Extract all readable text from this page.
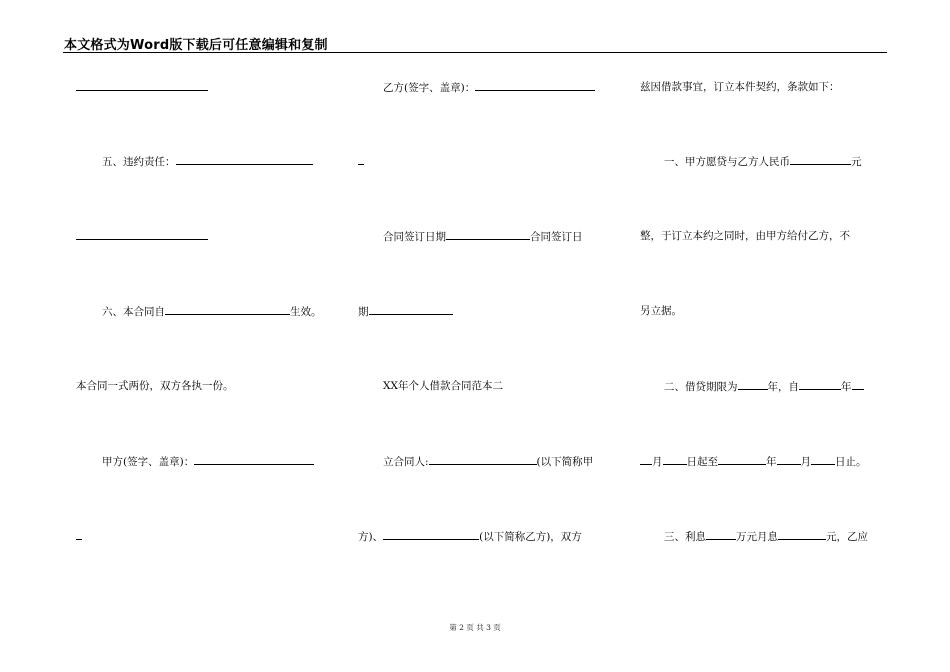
本文格式为Word版下载后可任意编辑和复制
五、违约责任：
六、本合同自	生效。
本合同一式两份，双方各执一份。
甲方(签字、盖章)：
乙方(签字、盖章)：
合同签订日期	合同签订日
期
XX年个人借款合同范本二
立合同人:	(以下简称甲
方)、	(以下简称乙方)，双方
兹因借款事宜，订立本件契约，条款如下：
一、甲方愿贷与乙方人民币	元
整，于订立本约之同时，由甲方给付乙方，不
另立据。
二、借贷期限为	年，自	年
月 日起至	年 月 日止。
三、利息	万元月息	元，乙应
第 2 页 共 3 页
